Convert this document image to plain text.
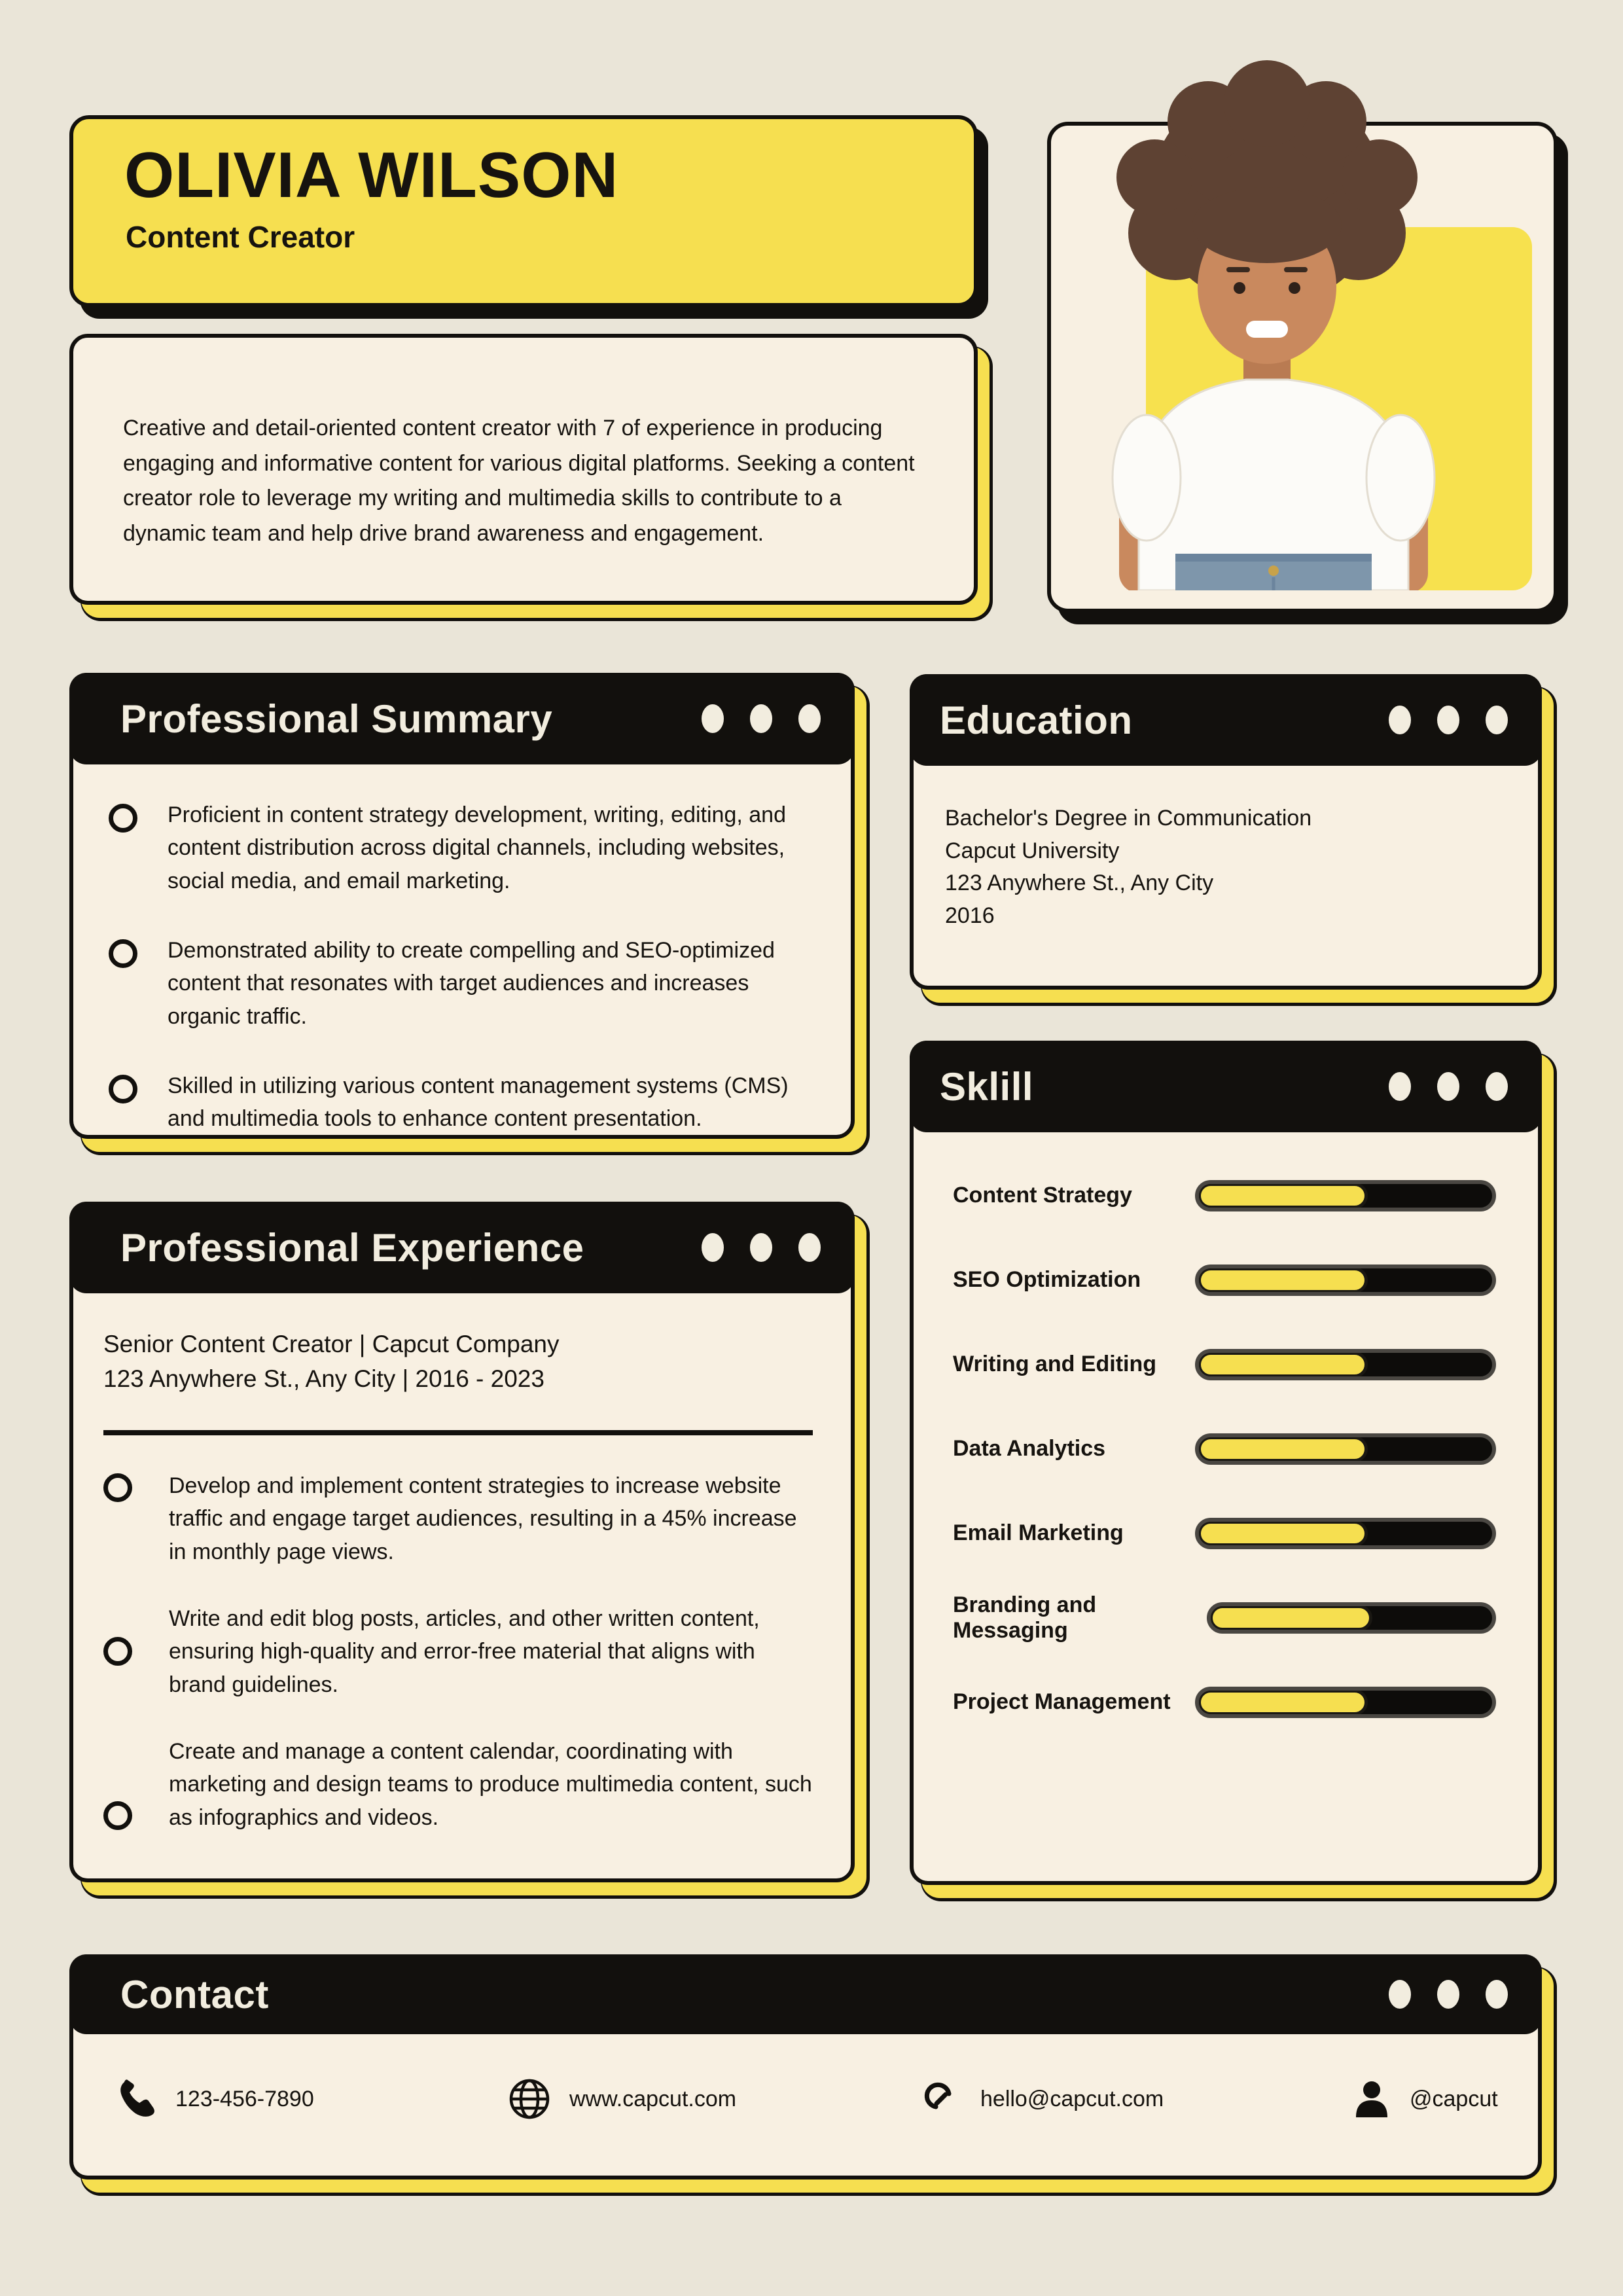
OLIVIA WILSON
Content Creator
Creative and detail-oriented content creator with 7 of experience in producing engaging and informative content for various digital platforms. Seeking a content creator role to leverage my writing and multimedia skills to contribute to a dynamic team and help drive brand awareness and engagement.
Professional Summary
Proficient in content strategy development, writing, editing, and content distribution across digital channels, including websites, social media, and email marketing.
Demonstrated ability to create compelling and SEO-optimized content that resonates with target audiences and increases organic traffic.
Skilled in utilizing various content management systems (CMS) and multimedia tools to enhance content presentation.
Education
Bachelor's Degree in Communication
Capcut University
123 Anywhere St., Any City
2016
Sklill
Content Strategy
SEO Optimization
Writing and Editing
Data Analytics
Email Marketing
Branding and Messaging
Project Management
Professional Experience
Senior Content Creator | Capcut Company
123 Anywhere St., Any City | 2016 - 2023
Develop and implement content strategies to increase website traffic and engage target audiences, resulting in a 45% increase in monthly page views.
Write and edit blog posts, articles, and other written content, ensuring high-quality and error-free material that aligns with brand guidelines.
Create and manage a content calendar, coordinating with marketing and design teams to produce multimedia content, such as infographics and videos.
Contact
123-456-7890	www.capcut.com	hello@capcut.com	@capcut
